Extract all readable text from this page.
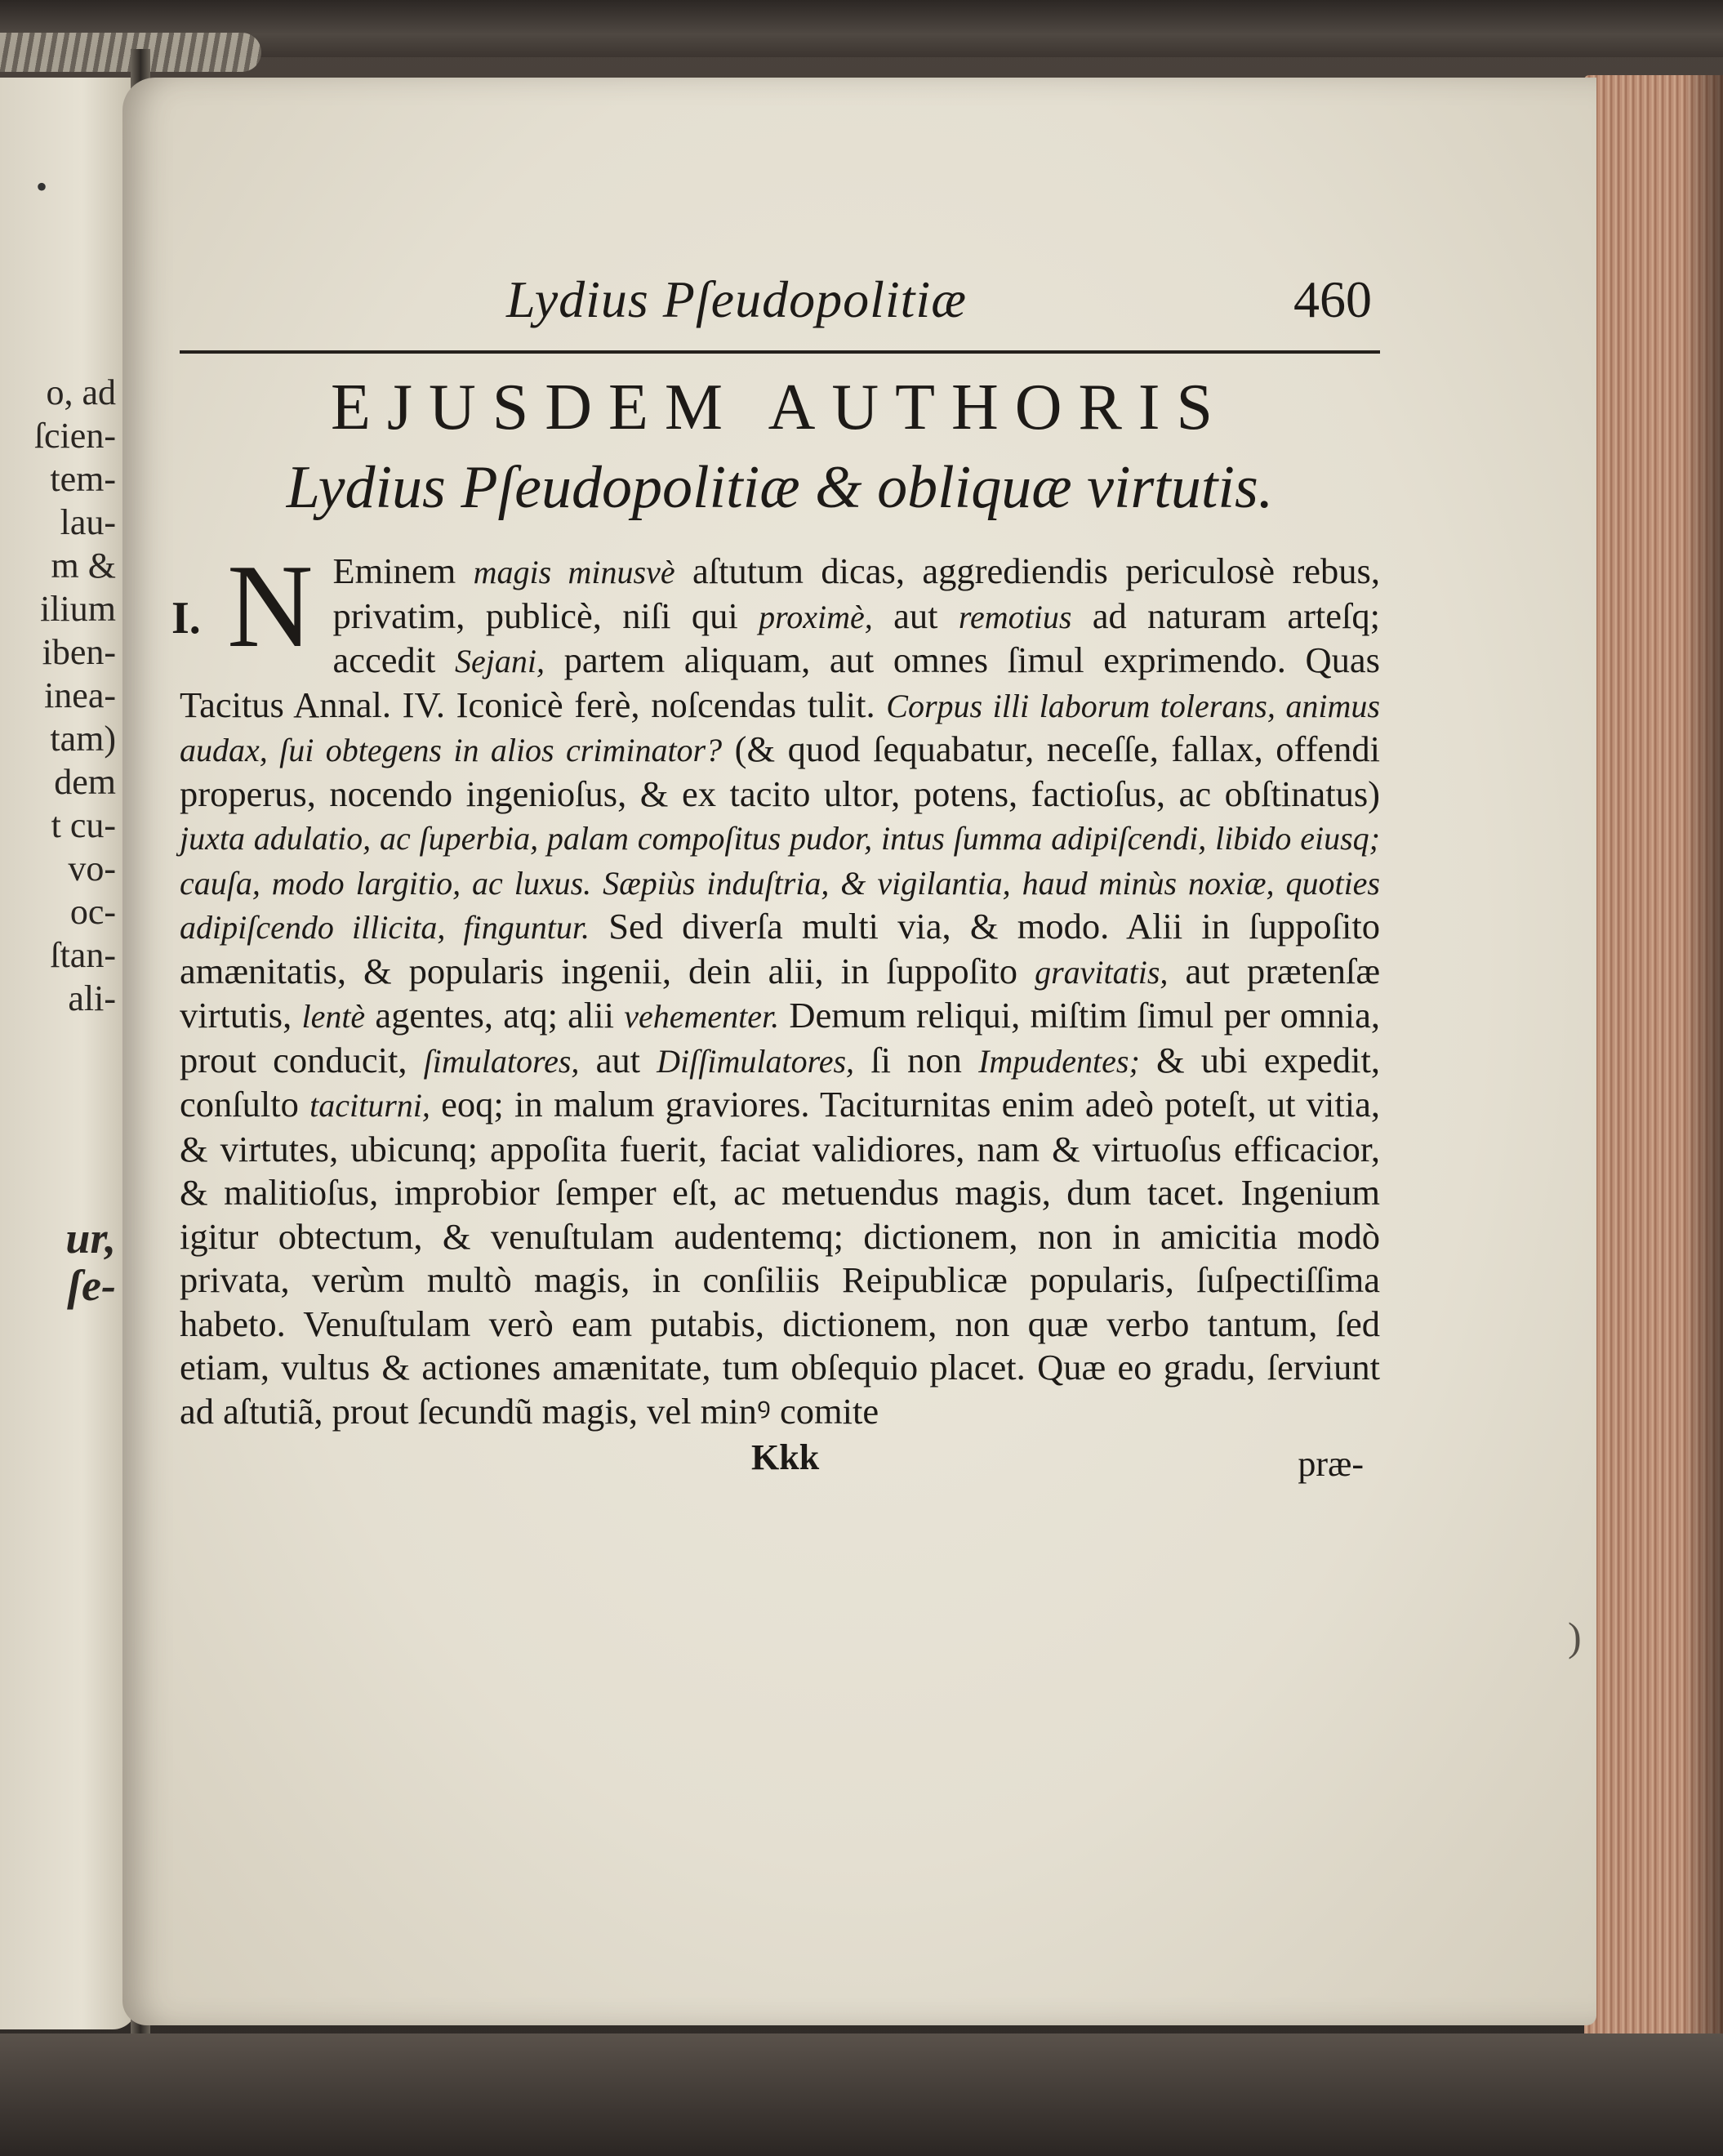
•
o, ad
ſcien-
tem-
lau-
m &
ilium
iben-
inea-
tam)
dem
t cu-
vo-
oc-
ſtan-
ali-
ur,
ſe-
)
Lydius Pſeudopolitiæ	460
EJUSDEM AUTHORIS
Lydius Pſeudopolitiæ & obliquæ virtutis.
I. N Eminem magis minusvè aſtutum dicas, aggrediendis periculosè rebus, privatim, publicè, niſi qui proximè, aut remotius ad naturam arteſq; accedit Sejani, partem aliquam, aut omnes ſimul exprimendo. Quas Tacitus Annal. IV. Iconicè ferè, noſcendas tulit. Corpus illi laborum tolerans, animus audax, ſui obtegens in alios criminator? (& quod ſequabatur, neceſſe, fallax, offendi properus, nocendo ingenioſus, & ex tacito ultor, potens, factioſus, ac obſtinatus) juxta adulatio, ac ſuperbia, palam compoſitus pudor, intus ſumma adipiſcendi, libido eiusq; cauſa, modo largitio, ac luxus. Sæpiùs induſtria, & vigilantia, haud minùs noxiæ, quoties adipiſcendo illicita, finguntur. Sed diverſa multi via, & modo. Alii in ſuppoſito amænitatis, & popularis ingenii, dein alii, in ſuppoſito gravitatis, aut prætenſæ virtutis, lentè agentes, atq; alii vehementer. Demum reliqui, miſtim ſimul per omnia, prout conducit, ſimulatores, aut Diſſimulatores, ſi non Impudentes; & ubi expedit, conſulto taciturni, eoq; in malum graviores. Taciturnitas enim adeò poteſt, ut vitia, & virtutes, ubicunq; appoſita fuerit, faciat validiores, nam & virtuoſus efficacior, & malitioſus, improbior ſemper eſt, ac metuendus magis, dum tacet. Ingenium igitur obtectum, & venuſtulam audentemq; dictionem, non in amicitia modò privata, verùm multò magis, in conſiliis Reipublicæ popularis, ſuſpectiſſima habeto. Venuſtulam verò eam putabis, dictionem, non quæ verbo tantum, ſed etiam, vultus & actiones amænitate, tum obſequio placet. Quæ eo gradu, ſerviunt ad aſtutiã, prout ſecundũ magis, vel minꝰ comite
Kkk	præ-
